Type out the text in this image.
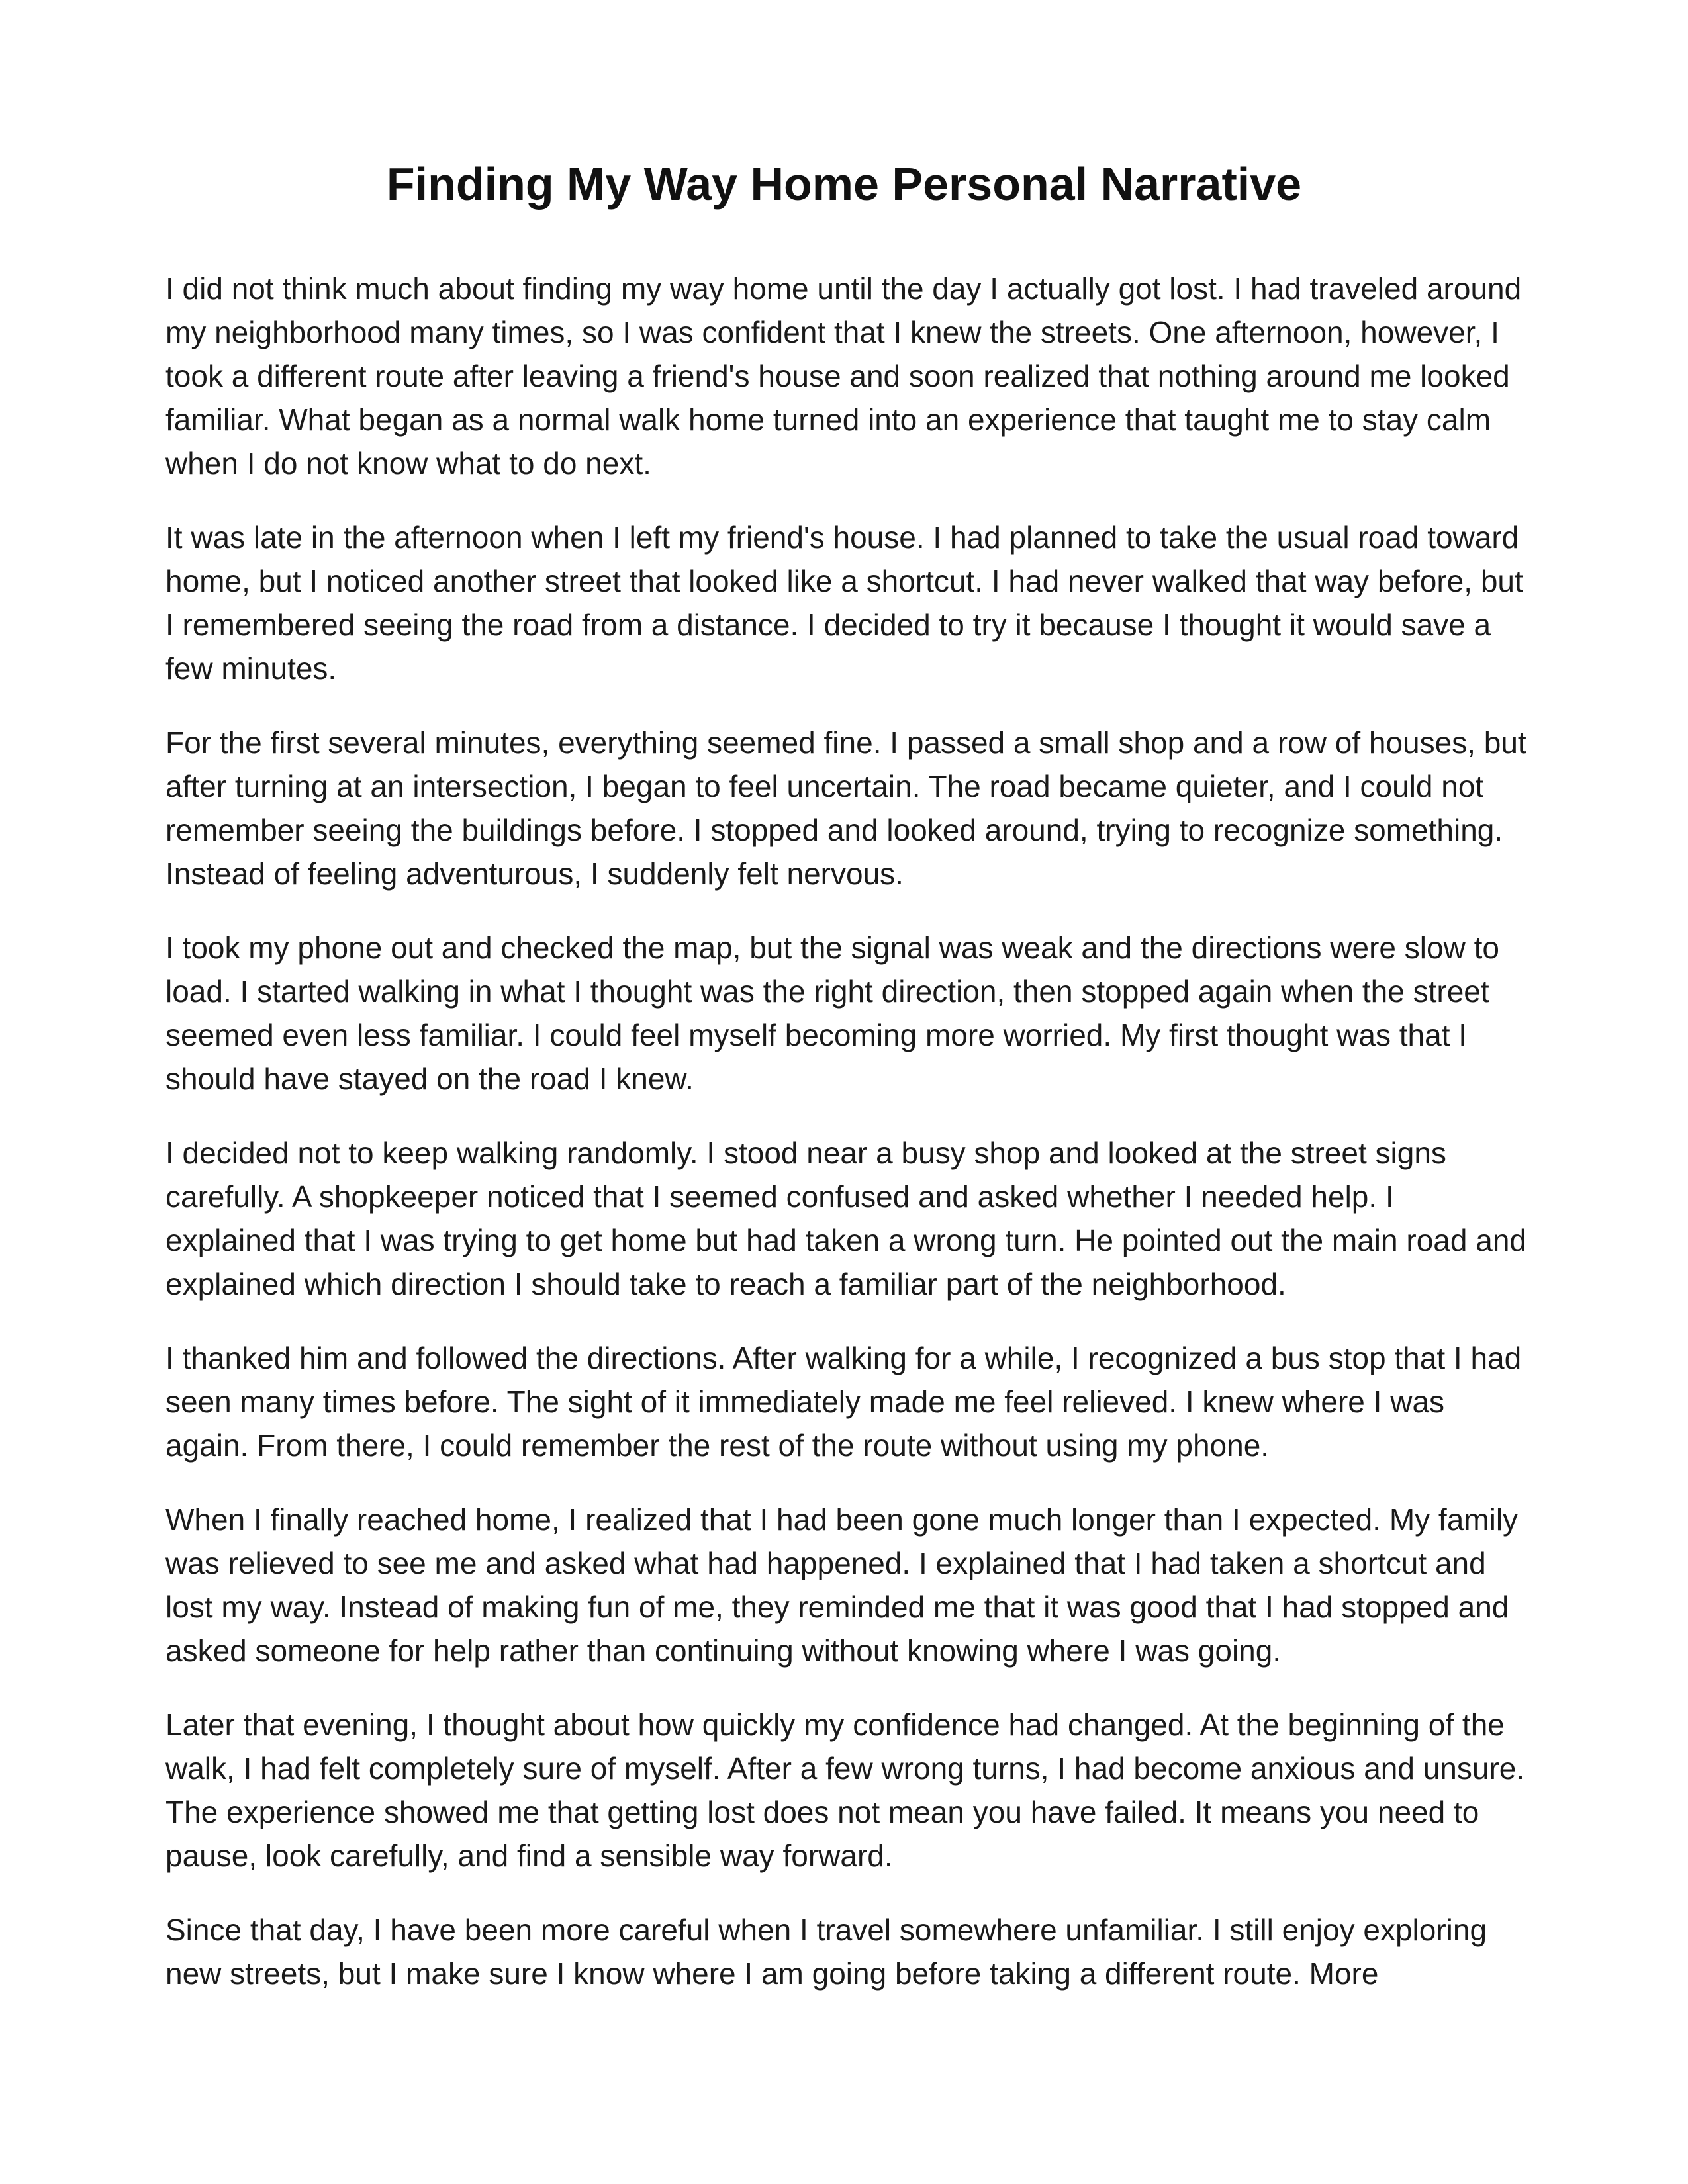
Finding My Way Home Personal Narrative

I did not think much about finding my way home until the day I actually got lost. I had traveled around my neighborhood many times, so I was confident that I knew the streets. One afternoon, however, I took a different route after leaving a friend's house and soon realized that nothing around me looked familiar. What began as a normal walk home turned into an experience that taught me to stay calm when I do not know what to do next.

It was late in the afternoon when I left my friend's house. I had planned to take the usual road toward home, but I noticed another street that looked like a shortcut. I had never walked that way before, but I remembered seeing the road from a distance. I decided to try it because I thought it would save a few minutes.

For the first several minutes, everything seemed fine. I passed a small shop and a row of houses, but after turning at an intersection, I began to feel uncertain. The road became quieter, and I could not remember seeing the buildings before. I stopped and looked around, trying to recognize something. Instead of feeling adventurous, I suddenly felt nervous.

I took my phone out and checked the map, but the signal was weak and the directions were slow to load. I started walking in what I thought was the right direction, then stopped again when the street seemed even less familiar. I could feel myself becoming more worried. My first thought was that I should have stayed on the road I knew.

I decided not to keep walking randomly. I stood near a busy shop and looked at the street signs carefully. A shopkeeper noticed that I seemed confused and asked whether I needed help. I explained that I was trying to get home but had taken a wrong turn. He pointed out the main road and explained which direction I should take to reach a familiar part of the neighborhood.

I thanked him and followed the directions. After walking for a while, I recognized a bus stop that I had seen many times before. The sight of it immediately made me feel relieved. I knew where I was again. From there, I could remember the rest of the route without using my phone.

When I finally reached home, I realized that I had been gone much longer than I expected. My family was relieved to see me and asked what had happened. I explained that I had taken a shortcut and lost my way. Instead of making fun of me, they reminded me that it was good that I had stopped and asked someone for help rather than continuing without knowing where I was going.

Later that evening, I thought about how quickly my confidence had changed. At the beginning of the walk, I had felt completely sure of myself. After a few wrong turns, I had become anxious and unsure. The experience showed me that getting lost does not mean you have failed. It means you need to pause, look carefully, and find a sensible way forward.

Since that day, I have been more careful when I travel somewhere unfamiliar. I still enjoy exploring new streets, but I make sure I know where I am going before taking a different route. More
